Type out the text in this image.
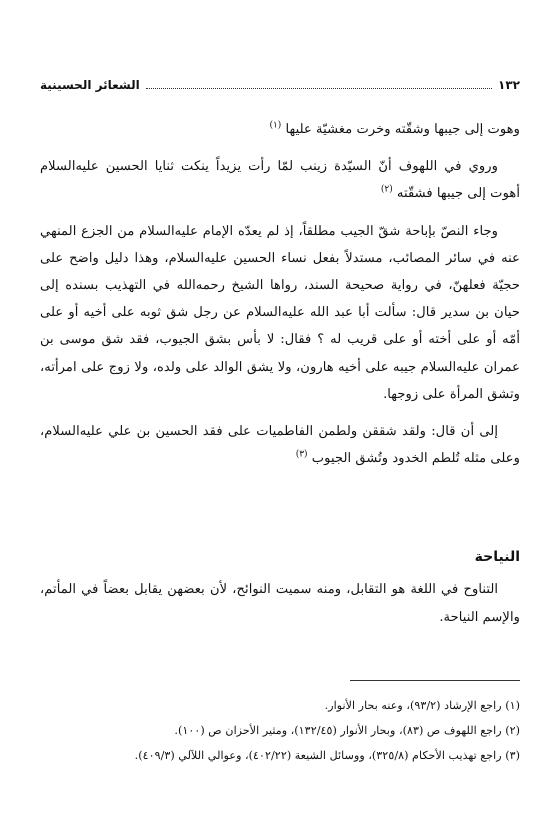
١٣٢
الشعائر الحسينية

وهوت إلى جيبها وشقّته وخرت مغشيّة عليها $^{(١)}$

وروي في اللهوف أنّ السيّدة زينب لمّا رأت يزيداً ينكت ثنايا الحسين عليه‌السلام أهوت إلى جيبها فشقّته $^{(٢)}$

وجاء النصّ بإباحة شقّ الجيب مطلقاً، إذ لم يعدّه الإمام عليه‌السلام من الجزع المنهي عنه في سائر المصائب، مستدلاً بفعل نساء الحسين عليه‌السلام، وهذا دليل واضح على حجيّة فعلهنّ، في رواية صحيحة السند، رواها الشيخ رحمه‌الله في التهذيب بسنده إلى حيان بن سدير قال: سألت أبا عبد الله عليه‌السلام عن رجل شق ثوبه على أخيه أو على أمّه أو على أخته أو على قريب له ؟ فقال: لا بأس بشق الجيوب، فقد شق موسى بن عمران عليه‌السلام جيبه على أخيه هارون، ولا يشق الوالد على ولده، ولا زوج على امرأته، وتشق المرأة على زوجها.

إلى أن قال: ولقد شققن ولطمن الفاطميات على فقد الحسين بن علي عليه‌السلام، وعلى مثله تُلطم الخدود وتُشق الجيوب $^{(٣)}$

النياحة

التناوح في اللغة هو التقابل، ومنه سميت النوائح، لأن بعضهن يقابل بعضاً في المأتم، والإسم النياحة.

(١) راجع الإرشاد (٩٣/٢)، وعنه بحار الأنوار.
(٢) راجع اللهوف ص (٨٣)، وبحار الأنوار (١٣٢/٤٥)، ومثير الأحزان ص (١٠٠).
(٣) راجع تهذيب الأحكام (٣٢٥/٨)، ووسائل الشيعة (٤٠٢/٢٢)، وعوالي اللآلي (٤٠٩/٣).
